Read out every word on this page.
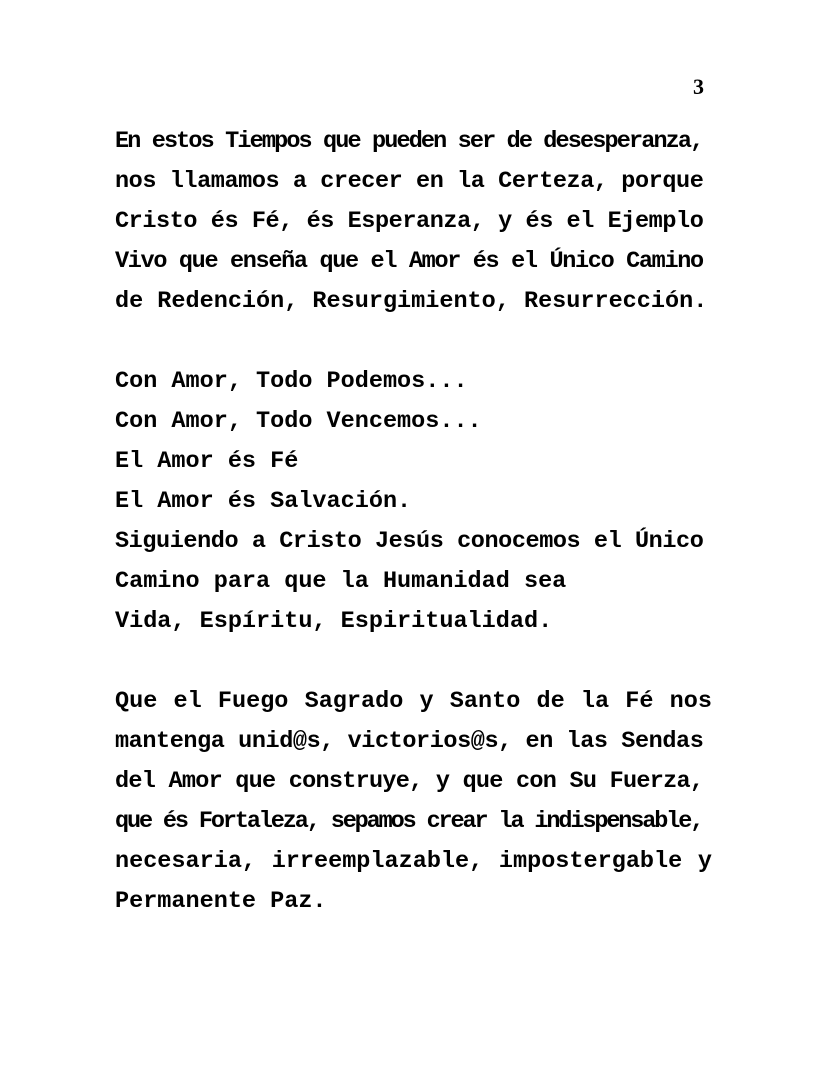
3
En estos Tiempos que pueden ser de desesperanza,
nos llamamos a crecer en la Certeza, porque
Cristo és Fé, és Esperanza, y és el Ejemplo
Vivo que enseña que el Amor és el Único Camino
de Redención, Resurgimiento, Resurrección.
Con Amor, Todo Podemos...
Con Amor, Todo Vencemos...
El Amor és Fé
El Amor és Salvación.
Siguiendo a Cristo Jesús conocemos el Único
Camino para que la Humanidad sea
Vida, Espíritu, Espiritualidad.
Que el Fuego Sagrado y Santo de la Fé nos
mantenga unid@s, victorios@s, en las Sendas
del Amor que construye, y que con Su Fuerza,
que és Fortaleza, sepamos crear la indispensable,
necesaria, irreemplazable, impostergable y
Permanente Paz.
